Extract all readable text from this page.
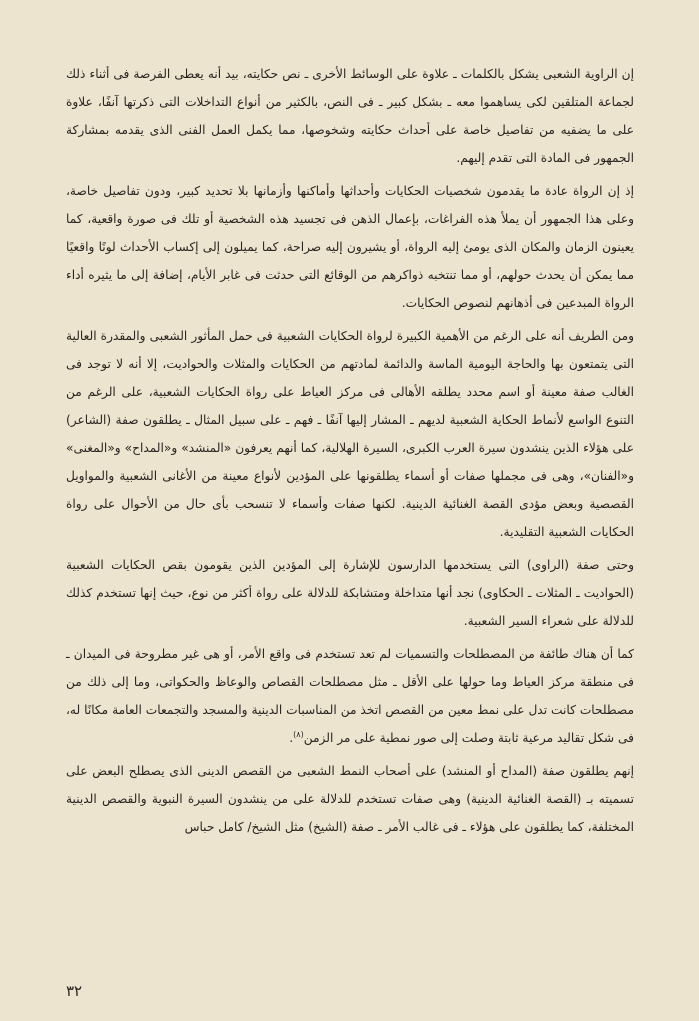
إن الراوية الشعبى يشكل بالكلمات ـ علاوة على الوسائط الأخرى ـ نص حكايته، بيد أنه يعطى الفرصة فى أثناء ذلك لجماعة المتلقين لكى يساهموا معه ـ بشكل كبير ـ فى النص، بالكثير من أنواع التداخلات التى ذكرتها آنفًا، علاوة على ما يضفيه من تفاصيل خاصة على أحداث حكايته وشخوصها، مما يكمل العمل الفنى الذى يقدمه بمشاركة الجمهور فى المادة التى تقدم إليهم.

إذ إن الرواة عادة ما يقدمون شخصيات الحكايات وأحداثها وأماكنها وأزمانها بلا تحديد كبير، ودون تفاصيل خاصة، وعلى هذا الجمهور أن يملأ هذه الفراغات، بإعمال الذهن فى تجسيد هذه الشخصية أو تلك فى صورة واقعية، كما يعينون الزمان والمكان الذى يومئ إليه الرواة، أو يشيرون إليه صراحة، كما يميلون إلى إكساب الأحداث لونًا واقعيًا مما يمكن أن يحدث حولهم، أو مما تنتخبه ذواكرهم من الوقائع التى حدثت فى غابر الأيام، إضافة إلى ما يثيره أداء الرواة المبدعين فى أذهانهم لنصوص الحكايات.

ومن الطريف أنه على الرغم من الأهمية الكبيرة لرواة الحكايات الشعبية فى حمل المأثور الشعبى والمقدرة العالية التى يتمتعون بها والحاجة اليومية الماسة والدائمة لمادتهم من الحكايات والمثلات والحواديت، إلا أنه لا توجد فى الغالب صفة معينة أو اسم محدد يطلقه الأهالى فى مركز العياط على رواة الحكايات الشعبية، على الرغم من التنوع الواسع لأنماط الحكاية الشعبية لديهم ـ المشار إليها آنفًا ـ فهم ـ على سبيل المثال ـ يطلقون صفة (الشاعر) على هؤلاء الذين ينشدون سيرة العرب الكبرى، السيرة الهلالية، كما أنهم يعرفون «المنشد» و«المداح» و«المغنى» و«الفنان»، وهى فى مجملها صفات أو أسماء يطلقونها على المؤدين لأنواع معينة من الأغانى الشعبية والمواويل القصصية وبعض مؤدى القصة الغنائية الدينية. لكنها صفات وأسماء لا تنسحب بأى حال من الأحوال على رواة الحكايات الشعبية التقليدية.

وحتى صفة (الراوى) التى يستخدمها الدارسون للإشارة إلى المؤدين الذين يقومون بقص الحكايات الشعبية (الحواديت ـ المثلات ـ الحكاوى) نجد أنها متداخلة ومتشابكة للدلالة على رواة أكثر من نوع، حيث إنها تستخدم كذلك للدلالة على شعراء السير الشعبية.

كما أن هناك طائفة من المصطلحات والتسميات لم تعد تستخدم فى واقع الأمر، أو هى غير مطروحة فى الميدان ـ فى منطقة مركز العياط وما حولها على الأقل ـ مثل مصطلحات القصاص والوعاظ والحكواتى، وما إلى ذلك من مصطلحات كانت تدل على نمط معين من القصص اتخذ من المناسبات الدينية والمسجد والتجمعات العامة مكانًا له، فى شكل تقاليد مرعية ثابتة وصلت إلى صور نمطية على مر الزمن$^{(٨)}$.

إنهم يطلقون صفة (المداح أو المنشد) على أصحاب النمط الشعبى من القصص الدينى الذى يصطلح البعض على تسميته بـ (القصة الغنائية الدينية) وهى صفات تستخدم للدلالة على من ينشدون السيرة النبوية والقصص الدينية المختلفة، كما يطلقون على هؤلاء ـ فى غالب الأمر ـ صفة (الشيخ) مثل الشيخ/ كامل حباس

٣٢
